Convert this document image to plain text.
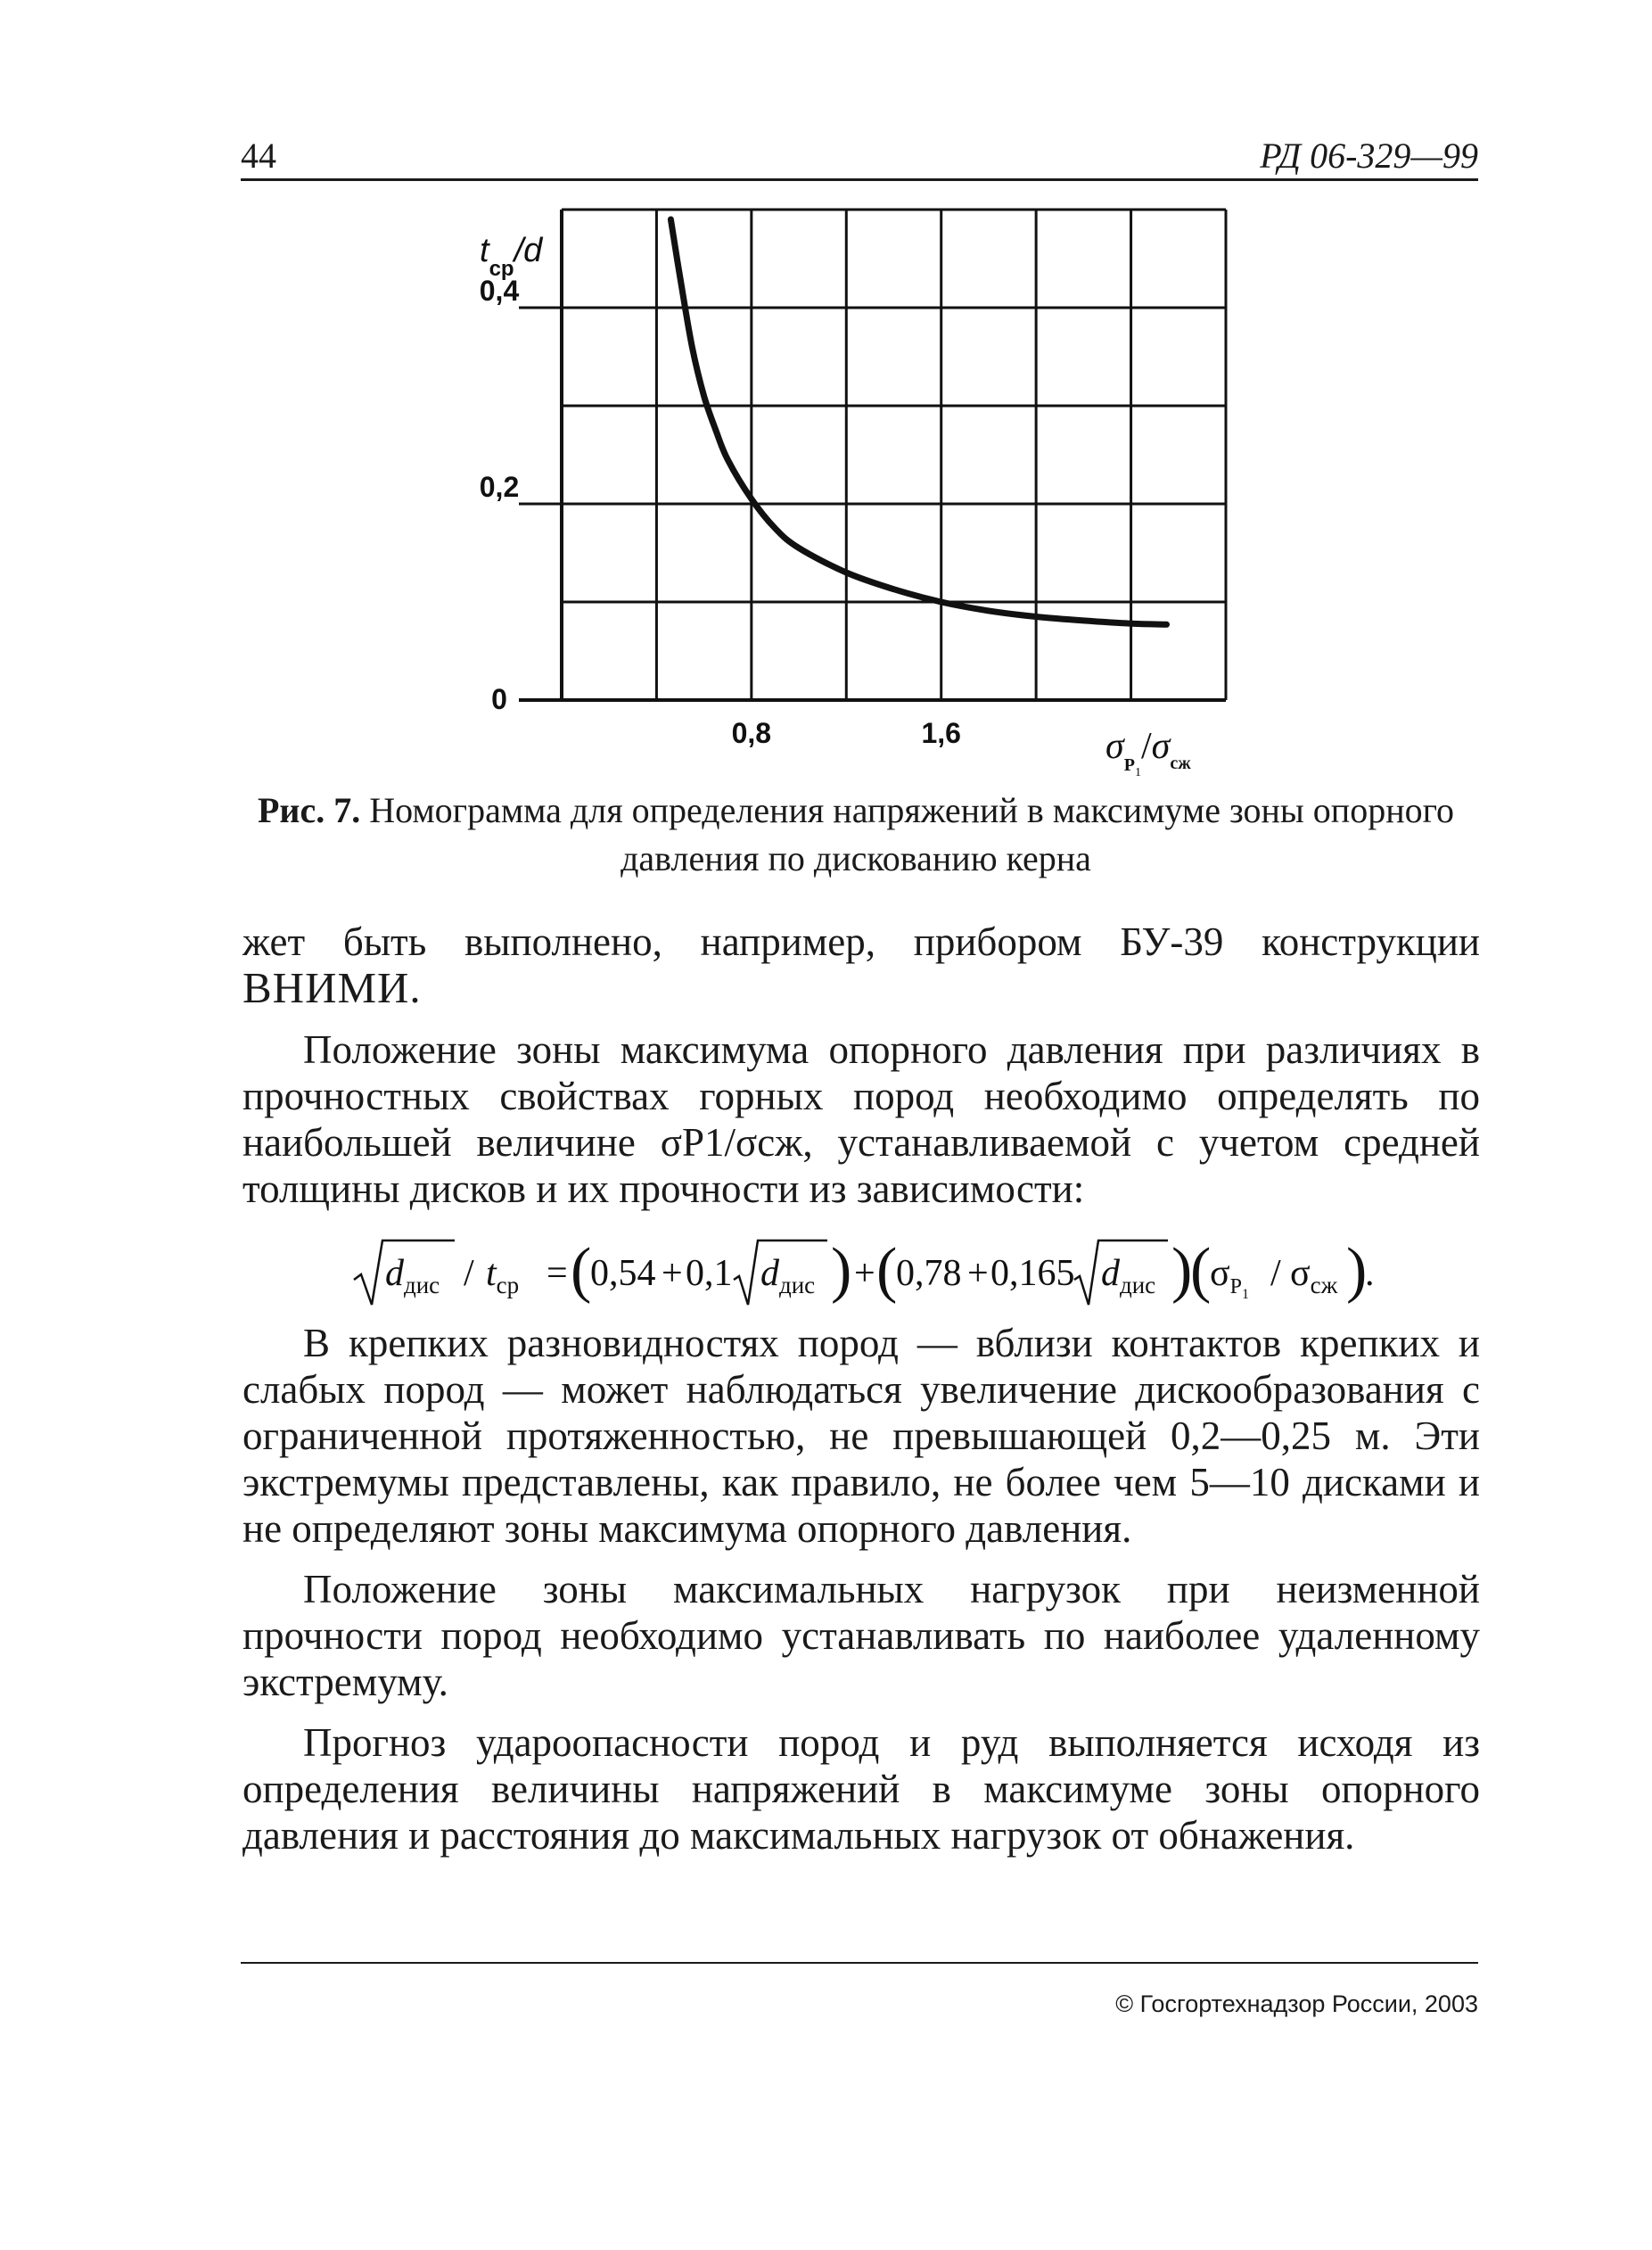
44	РД 06-329—99
0,8	1,6
0
0,2
0,4
$t_{ср}/d$
$\sigma_P1/\sigma_{сж}$
Рис. 7. Номограмма для определения напряжений в максимуме зоны опорного давления по дискованию керна

жет быть выполнено, например, прибором БУ-39 конструкции ВНИМИ.

Положение зоны максимума опорного давления при различиях в прочностных свойствах горных пород необходимо определять по наибольшей величине σP1/σсж, устанавливаемой с учетом средней толщины дисков и их прочности из зависимости:

$d_{дис} / t_{ср}$ = (
0,54 + 0,1 $d_{дис}$ ) + (
0,78 + 0,165 $d_{дис}$ )
(
$\sigma_P1$
/ $\sigma_{сж}$ )
.

В крепких разновидностях пород — вблизи контактов крепких и слабых пород — может наблюдаться увеличение дискообразования с ограниченной протяженностью, не превышающей 0,2—0,25 м. Эти экстремумы представлены, как правило, не более чем 5—10 дисками и не определяют зоны максимума опорного давления.

Положение зоны максимальных нагрузок при неизменной прочности пород необходимо устанавливать по наиболее удаленному экстремуму.

Прогноз удароопасности пород и руд выполняется исходя из определения величины напряжений в максимуме зоны опорного давления и расстояния до максимальных нагрузок от обнажения.

© Госгортехнадзор России, 2003
